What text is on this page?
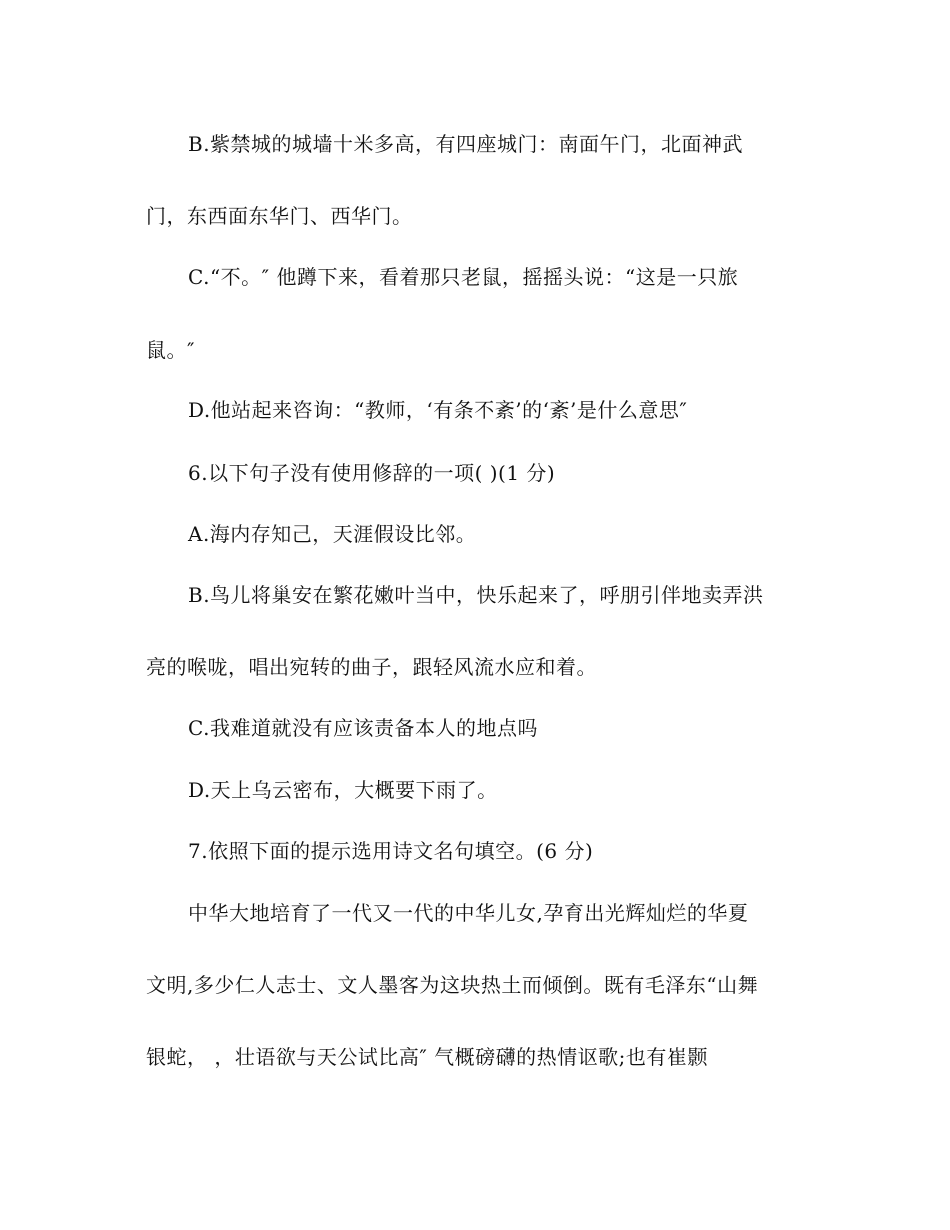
B.紫禁城的城墙十米多高，有四座城门：南面午门，北面神武
门，东西面东华门、西华门。
C.“不。″ 他蹲下来，看着那只老鼠，摇摇头说：“这是一只旅
鼠。″
D.他站起来咨询：“教师，‘有条不紊’的‘紊’是什么意思″
6.以下句子没有使用修辞的一项( )(1 分)
A.海内存知己，天涯假设比邻。
B.鸟儿将巢安在繁花嫩叶当中，快乐起来了，呼朋引伴地卖弄洪
亮的喉咙，唱出宛转的曲子，跟轻风流水应和着。
C.我难道就没有应该责备本人的地点吗
D.天上乌云密布，大概要下雨了。
7.依照下面的提示选用诗文名句填空。(6 分)
中华大地培育了一代又一代的中华儿女,孕育出光辉灿烂的华夏
文明,多少仁人志士、文人墨客为这块热土而倾倒。既有毛泽东“山舞
银蛇， ，壮语欲与天公试比高″ 气概磅礴的热情讴歌;也有崔颢
